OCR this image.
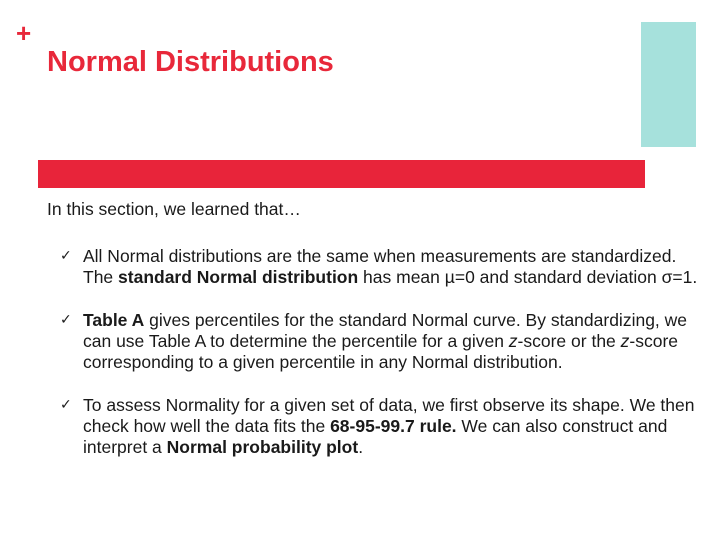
+
Normal Distributions

In this section, we learned that…

✓ All Normal distributions are the same when measurements are standardized. The standard Normal distribution has mean µ=0 and standard deviation σ=1.
✓ Table A gives percentiles for the standard Normal curve. By standardizing, we can use Table A to determine the percentile for a given z-score or the z-score corresponding to a given percentile in any Normal distribution.
✓ To assess Normality for a given set of data, we first observe its shape. We then check how well the data fits the 68-95-99.7 rule. We can also construct and interpret a Normal probability plot.
